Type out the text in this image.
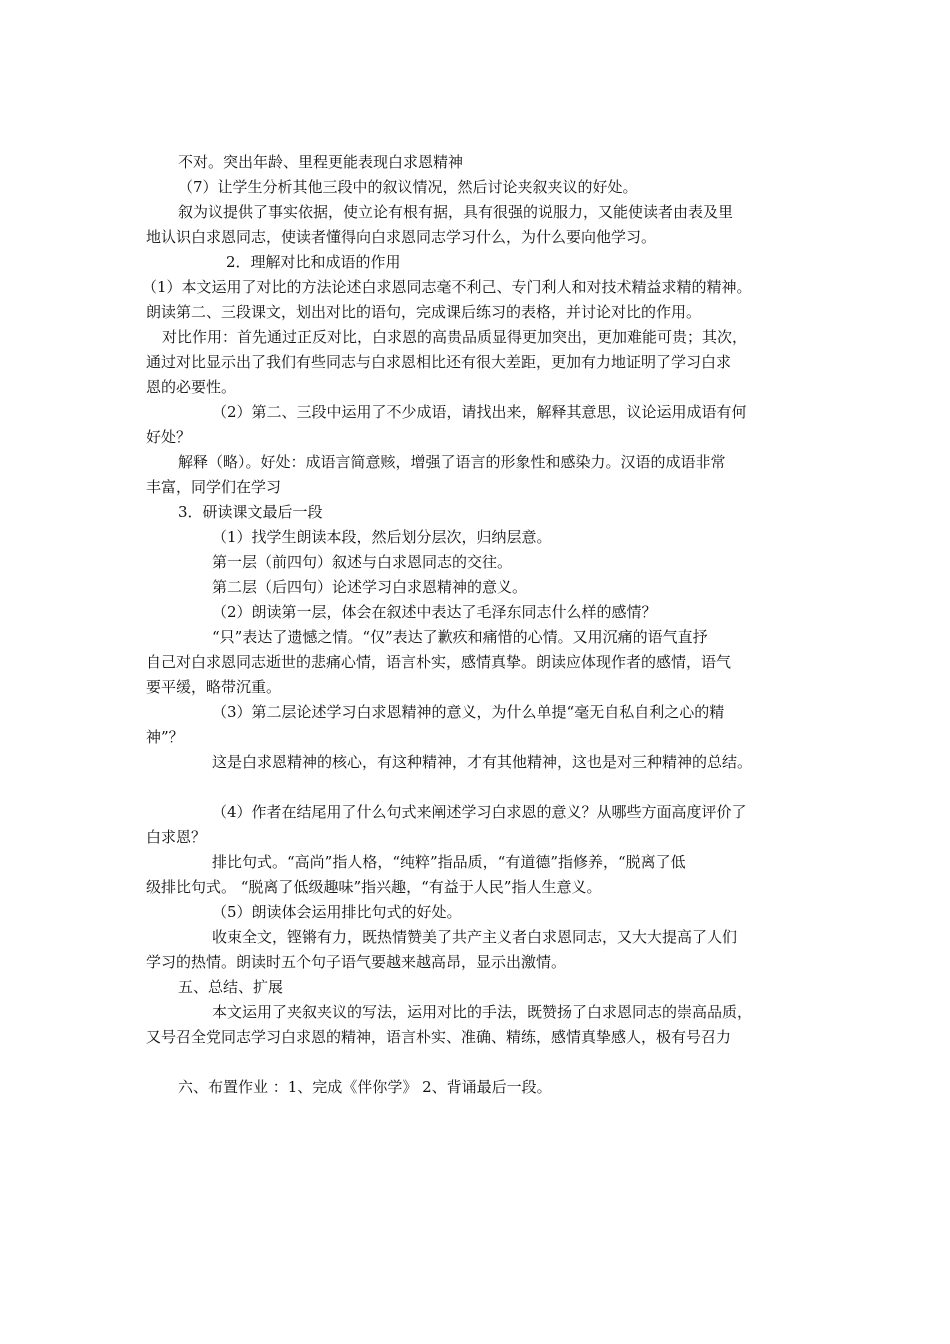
不对。突出年龄、里程更能表现白求恩精神
（7）让学生分析其他三段中的叙议情况，然后讨论夹叙夹议的好处。
叙为议提供了事实依据，使立论有根有据，具有很强的说服力，又能使读者由表及里
地认识白求恩同志，使读者懂得向白求恩同志学习什么，为什么要向他学习。
2．理解对比和成语的作用
（1）本文运用了对比的方法论述白求恩同志毫不利己、专门利人和对技术精益求精的精神。
朗读第二、三段课文，划出对比的语句，完成课后练习的表格，并讨论对比的作用。
对比作用：首先通过正反对比，白求恩的高贵品质显得更加突出，更加难能可贵；其次，
通过对比显示出了我们有些同志与白求恩相比还有很大差距，更加有力地证明了学习白求
恩的必要性。
（2）第二、三段中运用了不少成语，请找出来，解释其意思，议论运用成语有何
好处？
解释（略）。好处：成语言简意赅，增强了语言的形象性和感染力。汉语的成语非常
丰富，同学们在学习
3．研读课文最后一段
（1）找学生朗读本段，然后划分层次，归纳层意。
第一层（前四句）叙述与白求恩同志的交往。
第二层（后四句）论述学习白求恩精神的意义。
（2）朗读第一层，体会在叙述中表达了毛泽东同志什么样的感情？
“只”表达了遗憾之情。“仅”表达了歉疚和痛惜的心情。又用沉痛的语气直抒
自己对白求恩同志逝世的悲痛心情，语言朴实，感情真挚。朗读应体现作者的感情，语气
要平缓，略带沉重。
（3）第二层论述学习白求恩精神的意义，为什么单提“毫无自私自利之心的精
神”？
这是白求恩精神的核心，有这种精神，才有其他精神，这也是对三种精神的总结。
（4）作者在结尾用了什么句式来阐述学习白求恩的意义？从哪些方面高度评价了
白求恩？
排比句式。“高尚”指人格，“纯粹”指品质，“有道德”指修养，“脱离了低
级排比句式。 “脱离了低级趣味”指兴趣，“有益于人民”指人生意义。
（5）朗读体会运用排比句式的好处。
收束全文，铿锵有力，既热情赞美了共产主义者白求恩同志，又大大提高了人们
学习的热情。朗读时五个句子语气要越来越高昂，显示出激情。
五、总结、扩展
本文运用了夹叙夹议的写法，运用对比的手法，既赞扬了白求恩同志的崇高品质，
又号召全党同志学习白求恩的精神，语言朴实、准确、精练，感情真挚感人，极有号召力
六、布置作业 ：1、完成《伴你学》 2、背诵最后一段。
